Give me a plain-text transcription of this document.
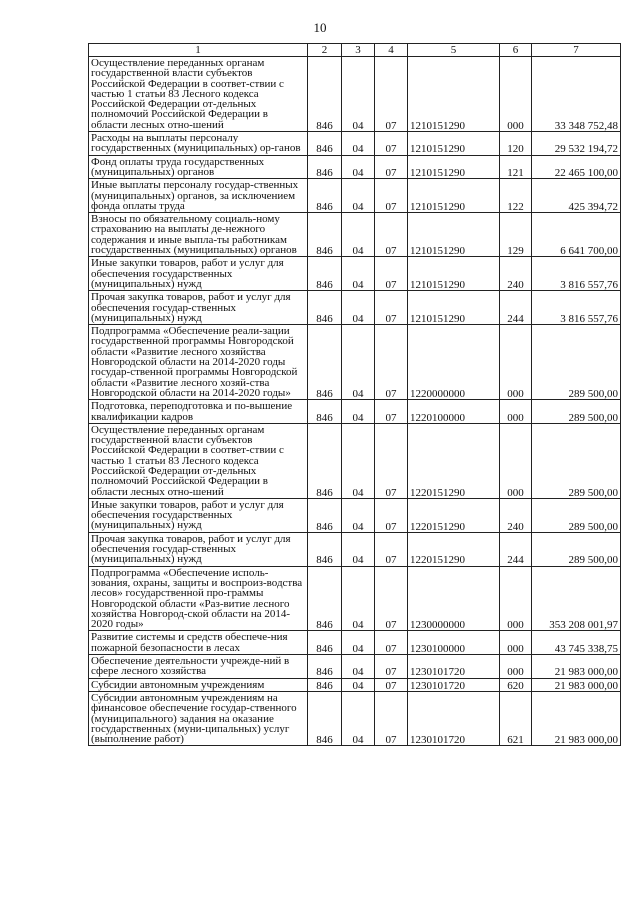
10
1	2	3	4	5	6	7
Осуществление переданных органам государственной власти субъектов Российской Федерации в соответ-ствии с частью 1 статьи 83 Лесного кодекса Российской Федерации от-дельных полномочий Российской Федерации в области лесных отно-шений	846	04	07	1210151290	000	33 348 752,48
Расходы на выплаты персоналу государственных (муниципальных) ор-ганов	846	04	07	1210151290	120	29 532 194,72
Фонд оплаты труда государственных (муниципальных) органов	846	04	07	1210151290	121	22 465 100,00
Иные выплаты персоналу государ-ственных (муниципальных) органов, за исключением фонда оплаты труда	846	04	07	1210151290	122	425 394,72
Взносы по обязательному социаль-ному страхованию на выплаты де-нежного содержания и иные выпла-ты работникам государственных (муниципальных) органов	846	04	07	1210151290	129	6 641 700,00
Иные закупки товаров, работ и услуг для обеспечения государственных (муниципальных) нужд	846	04	07	1210151290	240	3 816 557,76
Прочая закупка товаров, работ и услуг для обеспечения государ-ственных (муниципальных) нужд	846	04	07	1210151290	244	3 816 557,76
Подпрограмма «Обеспечение реали-зации государственной программы Новгородской области «Развитие лесного хозяйства Новгородской области на 2014-2020 годы государ-ственной программы Новгородской области «Развитие лесного хозяй-ства Новгородской области на 2014-2020 годы»	846	04	07	1220000000	000	289 500,00
Подготовка, переподготовка и по-вышение квалификации кадров	846	04	07	1220100000	000	289 500,00
Осуществление переданных органам государственной власти субъектов Российской Федерации в соответ-ствии с частью 1 статьи 83 Лесного кодекса Российской Федерации от-дельных полномочий Российской Федерации в области лесных отно-шений	846	04	07	1220151290	000	289 500,00
Иные закупки товаров, работ и услуг для обеспечения государственных (муниципальных) нужд	846	04	07	1220151290	240	289 500,00
Прочая закупка товаров, работ и услуг для обеспечения государ-ственных (муниципальных) нужд	846	04	07	1220151290	244	289 500,00
Подпрограмма «Обеспечение исполь-зования, охраны, защиты и воспроиз-водства лесов» государственной про-граммы Новгородской области «Раз-витие лесного хозяйства Новгород-ской области на 2014-2020 годы»	846	04	07	1230000000	000	353 208 001,97
Развитие системы и средств обеспече-ния пожарной безопасности в лесах	846	04	07	1230100000	000	43 745 338,75
Обеспечение деятельности учрежде-ний в сфере лесного хозяйства	846	04	07	1230101720	000	21 983 000,00
Субсидии автономным учреждениям	846	04	07	1230101720	620	21 983 000,00
Субсидии автономным учреждениям на финансовое обеспечение государ-ственного (муниципального) задания на оказание государственных (муни-ципальных) услуг (выполнение работ)	846	04	07	1230101720	621	21 983 000,00
